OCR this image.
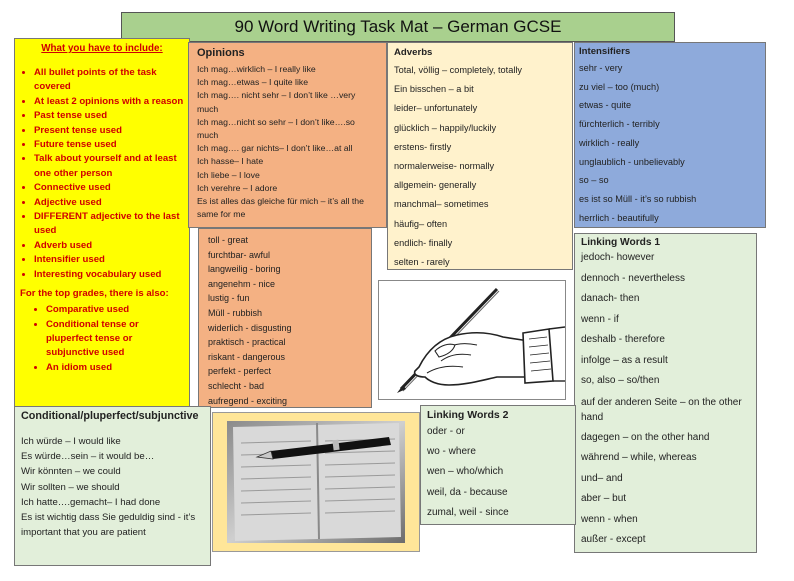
90 Word Writing Task Mat – German GCSE
What you have to include:
• All bullet points of the task covered
• At least 2 opinions with a reason
• Past tense used
• Present tense used
• Future tense used
• Talk about yourself and at least one other person
• Connective used
• Adjective used
• DIFFERENT adjective to the last used
• Adverb used
• Intensifier used
• Interesting vocabulary used
For the top grades, there is also:
• Comparative used
• Conditional tense or pluperfect tense or subjunctive used
• An idiom used
Opinions
Ich mag…wirklich – I really like
Ich mag…etwas – I quite like
Ich mag…. nicht sehr – I don’t like …very
much
Ich mag…nicht so sehr – I don’t like….so
much
Ich mag…. gar nichts– I don’t like…at all
Ich hasse– I hate
Ich liebe – I love
Ich verehre – I adore
Es ist alles das gleiche für mich – it’s all the
same for me
toll - great
furchtbar- awful
langweilig - boring
angenehm - nice
lustig - fun
Müll - rubbish
widerlich - disgusting
praktisch - practical
riskant - dangerous
perfekt - perfect
schlecht - bad
aufregend - exciting
Adverbs
Total, völlig – completely, totally
Ein bisschen – a bit
leider– unfortunately
glücklich – happily/luckily
erstens- firstly
normalerweise- normally
allgemein- generally
manchmal– sometimes
häufig– often
endlich- finally
selten - rarely
Intensifiers
sehr - very
zu viel – too (much)
etwas - quite
fürchterlich - terribly
wirklich - really
unglaublich - unbelievably
so – so
es ist so Müll - it’s so rubbish
herrlich - beautifully
Linking Words 1
jedoch- however
dennoch - nevertheless
danach- then
wenn - if
deshalb - therefore
infolge – as a result
so, also – so/then
auf der anderen Seite – on the other hand
dagegen – on the other hand
während – while, whereas
und– and
aber – but
wenn - when
außer - except
Linking Words 2
oder - or
wo - where
wen – who/which
weil, da - because
zumal, weil - since
Conditional/pluperfect/subjunctive
Ich würde – I would like
Es würde…sein – it would be…
Wir könnten – we could
Wir sollten – we should
Ich hatte….gemacht– I had done
Es ist wichtig dass Sie geduldig sind - it’s important that you are patient
